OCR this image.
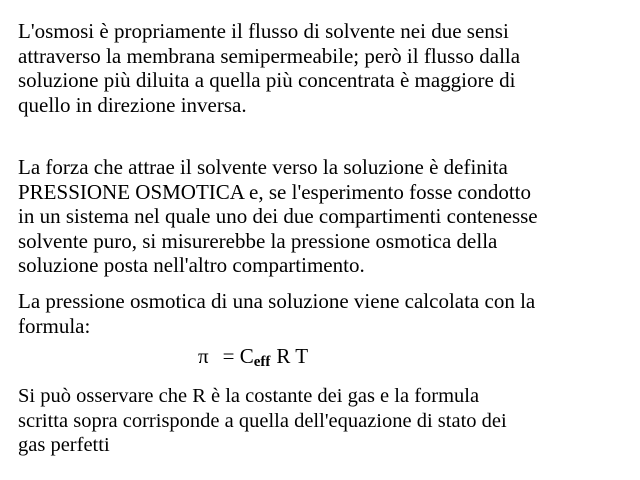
L'osmosi è propriamente il flusso di solvente nei due sensi
attraverso la membrana semipermeabile; però il flusso dalla
soluzione più diluita a quella più concentrata è maggiore di
quello in direzione inversa.

La forza che attrae il solvente verso la soluzione è definita
PRESSIONE OSMOTICA e, se l'esperimento fosse condotto
in un sistema nel quale uno dei due compartimenti contenesse
solvente puro, si misurerebbe la pressione osmotica della
soluzione posta nell'altro compartimento.

La pressione osmotica di una soluzione viene calcolata con la
formula:

$\pi = C_{eff}$ R T

Si può osservare che R è la costante dei gas e la formula
scritta sopra corrisponde a quella dell'equazione di stato dei
gas perfetti
